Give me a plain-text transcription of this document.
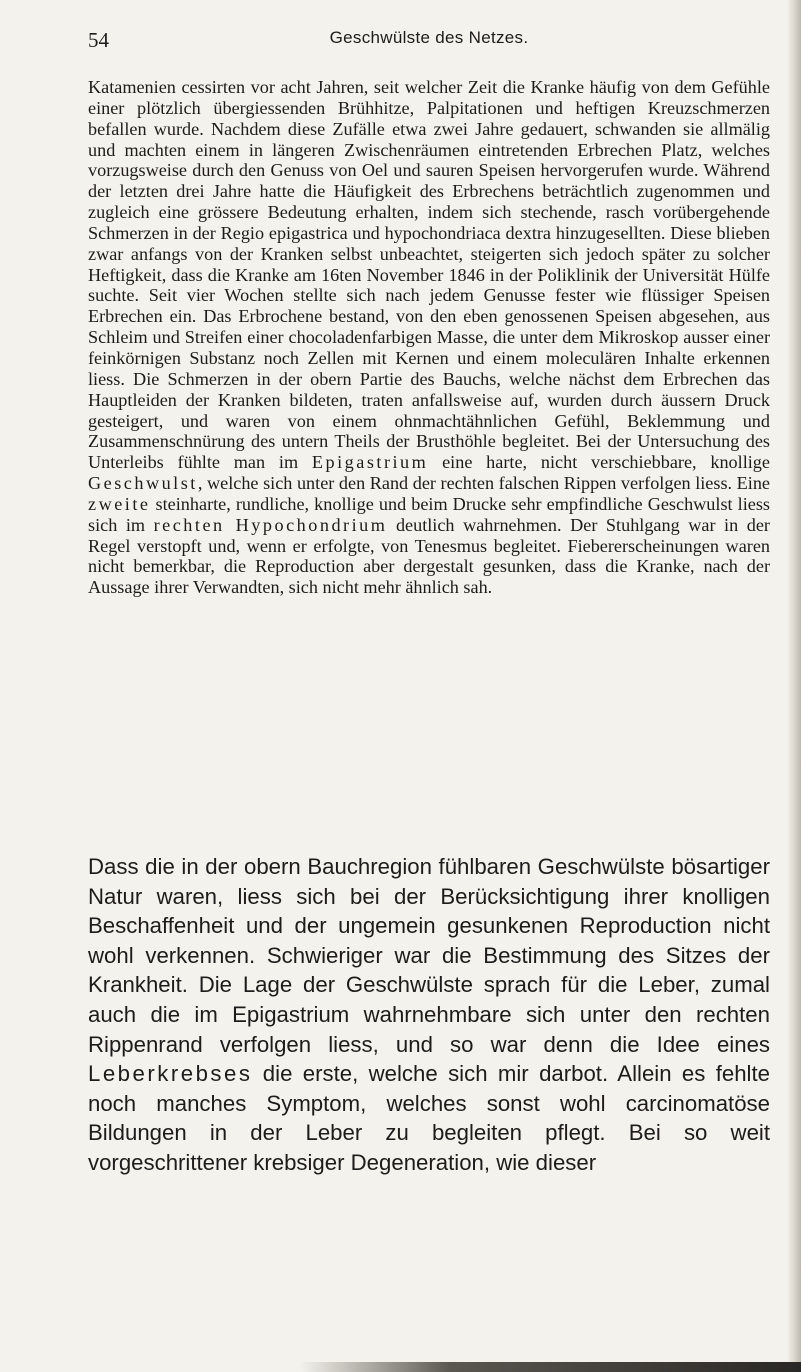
54	Geschwülste des Netzes.

Katamenien cessirten vor acht Jahren, seit welcher Zeit die Kranke häufig von dem Gefühle einer plötzlich übergiessenden Brühhitze, Palpitationen und heftigen Kreuzschmerzen befallen wurde. Nachdem diese Zufälle etwa zwei Jahre gedauert, schwanden sie allmälig und machten einem in längeren Zwischenräumen eintretenden Erbrechen Platz, welches vorzugsweise durch den Genuss von Oel und sauren Speisen hervorgerufen wurde. Während der letzten drei Jahre hatte die Häufigkeit des Erbrechens beträchtlich zugenommen und zugleich eine grössere Bedeutung erhalten, indem sich stechende, rasch vorübergehende Schmerzen in der Regio epigastrica und hypochondriaca dextra hinzugesellten. Diese blieben zwar anfangs von der Kranken selbst unbeachtet, steigerten sich jedoch später zu solcher Heftigkeit, dass die Kranke am 16ten November 1846 in der Poliklinik der Universität Hülfe suchte. Seit vier Wochen stellte sich nach jedem Genusse fester wie flüssiger Speisen Erbrechen ein. Das Erbrochene bestand, von den eben genossenen Speisen abgesehen, aus Schleim und Streifen einer chocoladenfarbigen Masse, die unter dem Mikroskop ausser einer feinkörnigen Substanz noch Zellen mit Kernen und einem moleculären Inhalte erkennen liess. Die Schmerzen in der obern Partie des Bauchs, welche nächst dem Erbrechen das Hauptleiden der Kranken bildeten, traten anfallsweise auf, wurden durch äussern Druck gesteigert, und waren von einem ohnmachtähnlichen Gefühl, Beklemmung und Zusammenschnürung des untern Theils der Brusthöhle begleitet. Bei der Untersuchung des Unterleibs fühlte man im Epigastrium eine harte, nicht verschiebbare, knollige Geschwulst, welche sich unter den Rand der rechten falschen Rippen verfolgen liess. Eine zweite steinharte, rundliche, knollige und beim Drucke sehr empfindliche Geschwulst liess sich im rechten Hypochondrium deutlich wahrnehmen. Der Stuhlgang war in der Regel verstopft und, wenn er erfolgte, von Tenesmus begleitet. Fiebererscheinungen waren nicht bemerkbar, die Reproduction aber dergestalt gesunken, dass die Kranke, nach der Aussage ihrer Verwandten, sich nicht mehr ähnlich sah.

Dass die in der obern Bauchregion fühlbaren Geschwülste bösartiger Natur waren, liess sich bei der Berücksichtigung ihrer knolligen Beschaffenheit und der ungemein gesunkenen Reproduction nicht wohl verkennen. Schwieriger war die Bestimmung des Sitzes der Krankheit. Die Lage der Geschwülste sprach für die Leber, zumal auch die im Epigastrium wahrnehmbare sich unter den rechten Rippenrand verfolgen liess, und so war denn die Idee eines Leberkrebses die erste, welche sich mir darbot. Allein es fehlte noch manches Symptom, welches sonst wohl carcinomatöse Bildungen in der Leber zu begleiten pflegt. Bei so weit vorgeschrittener krebsiger Degeneration, wie dieser
